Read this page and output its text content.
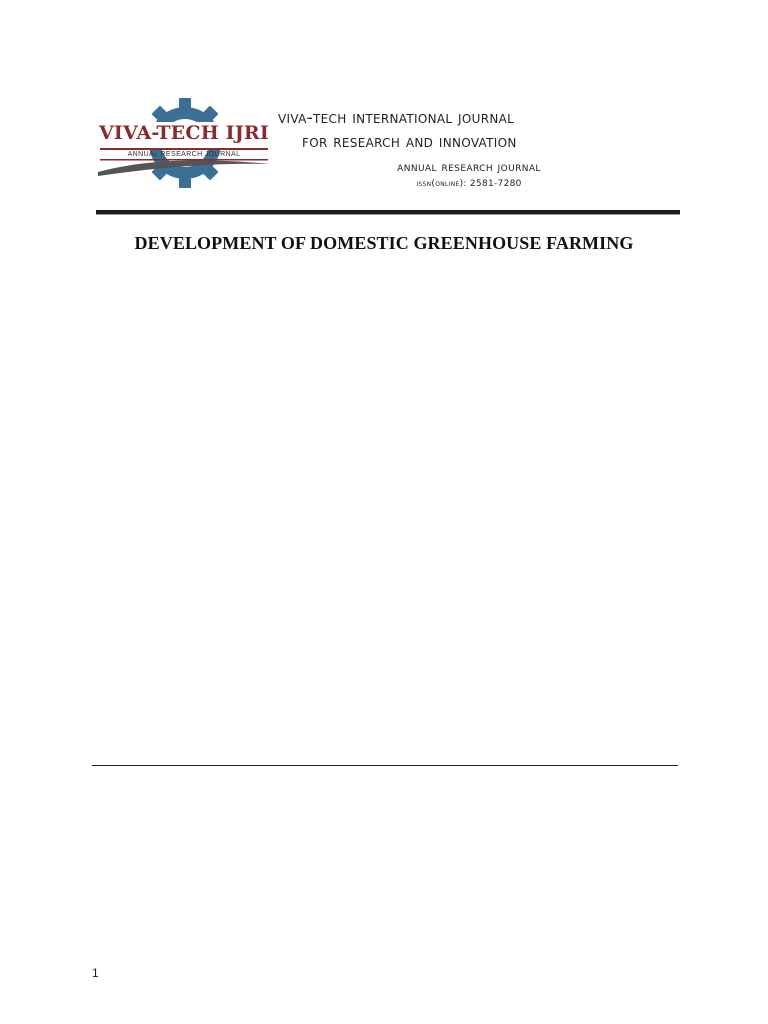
VIVA-TECH IJRI
ANNUAL RESEARCH JOURNAL
viva-tech international journal
for research and innovation
annual research journal
issn(online): 2581-7280
DEVELOPMENT OF DOMESTIC GREENHOUSE FARMING
1
